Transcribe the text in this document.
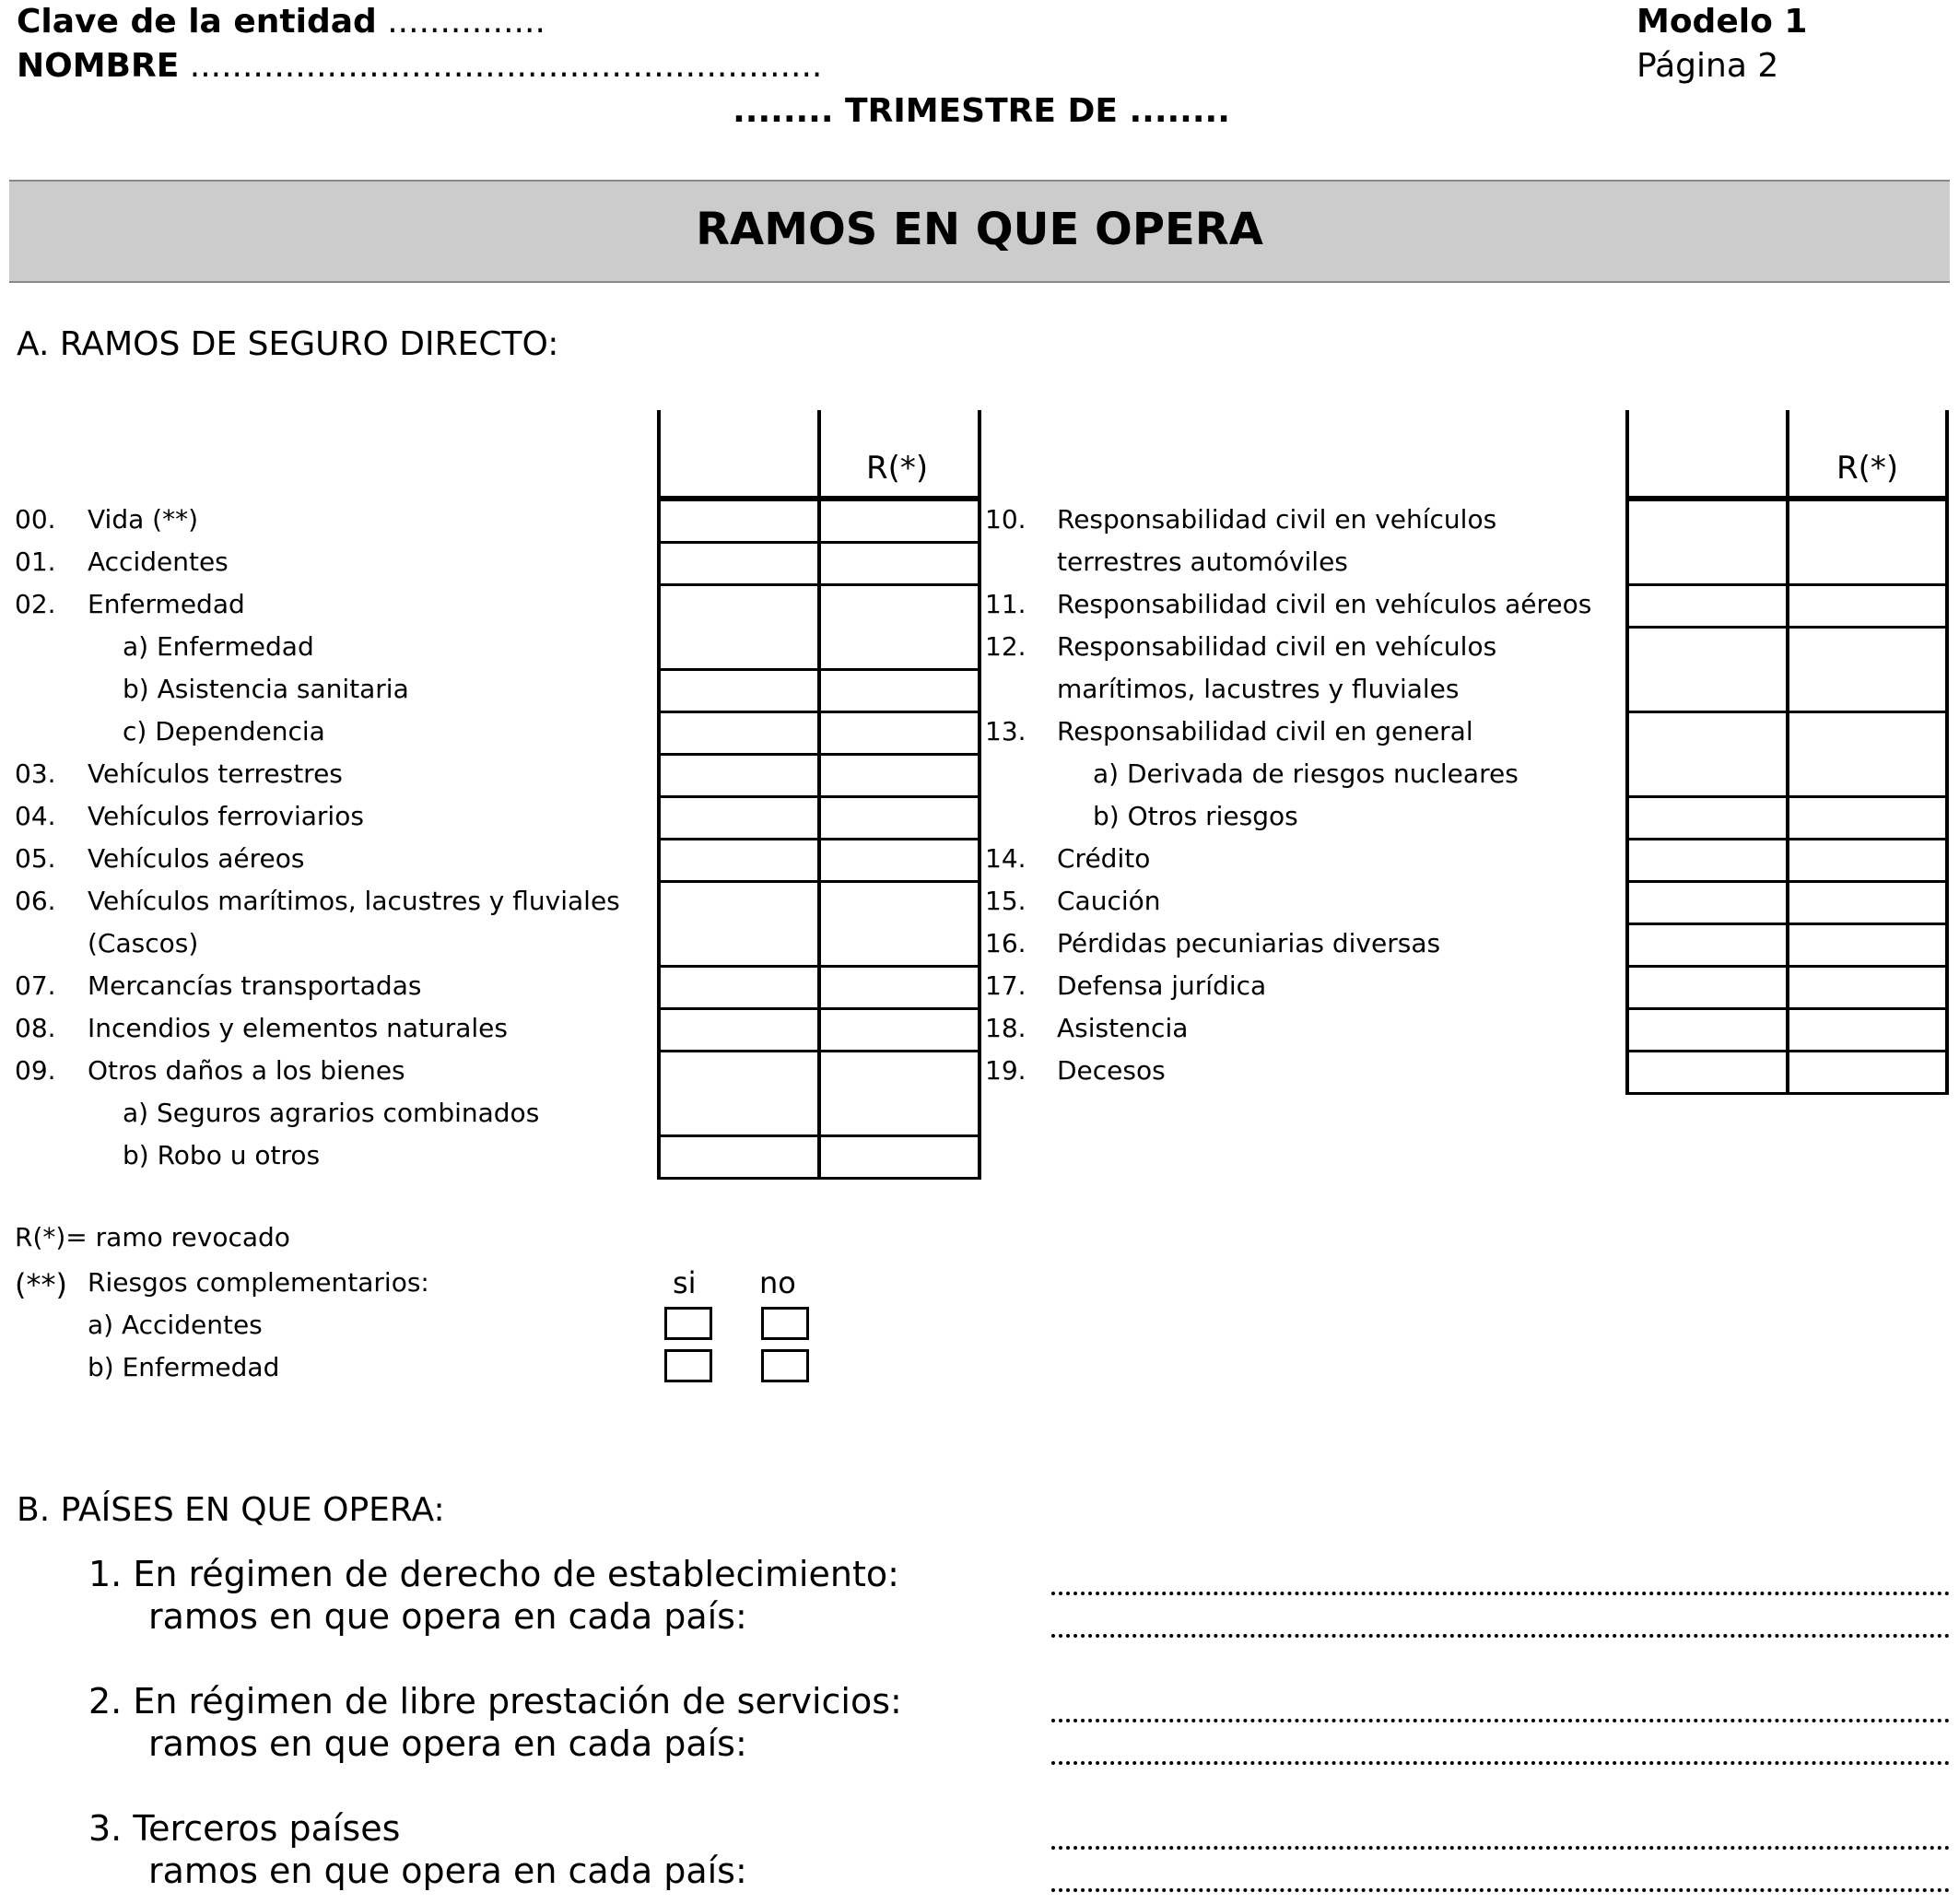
Clave de la entidad ...............
NOMBRE ............................................................
........ TRIMESTRE DE ........
Modelo 1
Página 2
RAMOS EN QUE OPERA
A. RAMOS DE SEGURO DIRECTO:
00. Vida (**)
01. Accidentes
02. Enfermedad
a) Enfermedad
b) Asistencia sanitaria
c) Dependencia
03. Vehículos terrestres
04. Vehículos ferroviarios
05. Vehículos aéreos
06. Vehículos marítimos, lacustres y fluviales
(Cascos)
07. Mercancías transportadas
08. Incendios y elementos naturales
09. Otros daños a los bienes
a) Seguros agrarios combinados
b) Robo u otros
10. Responsabilidad civil en vehículos
terrestres automóviles
11. Responsabilidad civil en vehículos aéreos
12. Responsabilidad civil en vehículos
marítimos, lacustres y fluviales
13. Responsabilidad civil en general
a) Derivada de riesgos nucleares
b) Otros riesgos
14. Crédito
15. Caución
16. Pérdidas pecuniarias diversas
17. Defensa jurídica
18. Asistencia
19. Decesos
R(*)	R(*)
R(*)= ramo revocado
(**) Riesgos complementarios:	si no
a) Accidentes
b) Enfermedad
B. PAÍSES EN QUE OPERA:
1. En régimen de derecho de establecimiento:
ramos en que opera en cada país:
2. En régimen de libre prestación de servicios:
ramos en que opera en cada país:
3. Terceros países
ramos en que opera en cada país:
